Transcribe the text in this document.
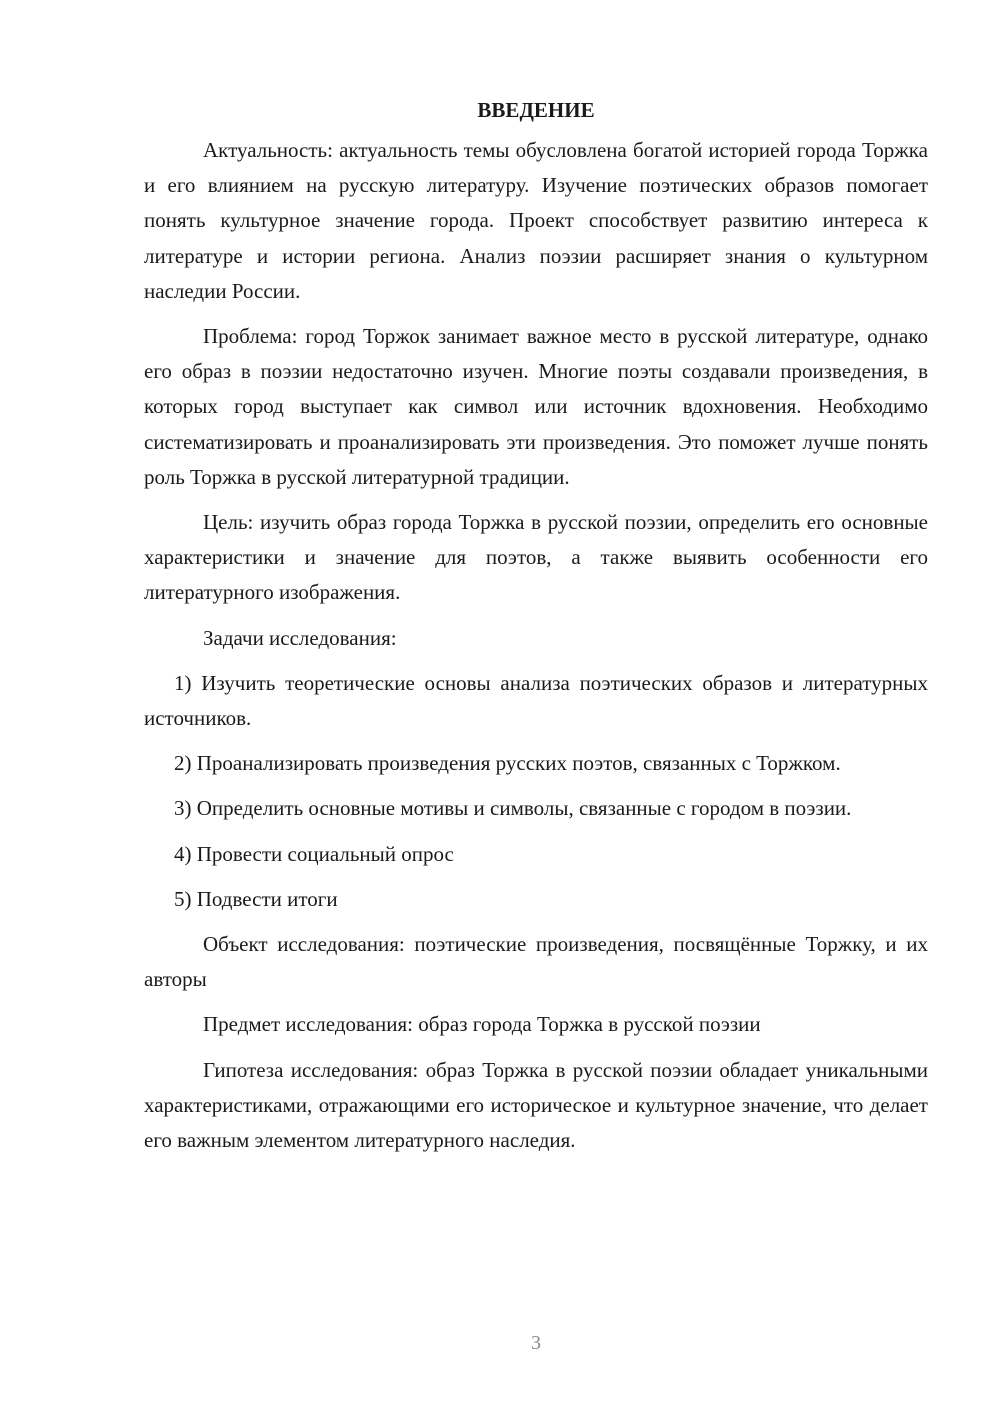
ВВЕДЕНИЕ

Актуальность: актуальность темы обусловлена богатой историей города Торжка и его влиянием на русскую литературу. Изучение поэтических образов помогает понять культурное значение города. Проект способствует развитию интереса к литературе и истории региона. Анализ поэзии расширяет знания о культурном наследии России.

Проблема: город Торжок занимает важное место в русской литературе, однако его образ в поэзии недостаточно изучен. Многие поэты создавали произведения, в которых город выступает как символ или источник вдохновения. Необходимо систематизировать и проанализировать эти произведения. Это поможет лучше понять роль Торжка в русской литературной традиции.

Цель: изучить образ города Торжка в русской поэзии, определить его основные характеристики и значение для поэтов, а также выявить особенности его литературного изображения.

Задачи исследования:

1) Изучить теоретические основы анализа поэтических образов и литературных источников.

2) Проанализировать произведения русских поэтов, связанных с Торжком.

3) Определить основные мотивы и символы, связанные с городом в поэзии.

4) Провести социальный опрос

5) Подвести итоги

Объект исследования: поэтические произведения, посвящённые Торжку, и их авторы

Предмет исследования: образ города Торжка в русской поэзии

Гипотеза исследования: образ Торжка в русской поэзии обладает уникальными характеристиками, отражающими его историческое и культурное значение, что делает его важным элементом литературного наследия.

3
